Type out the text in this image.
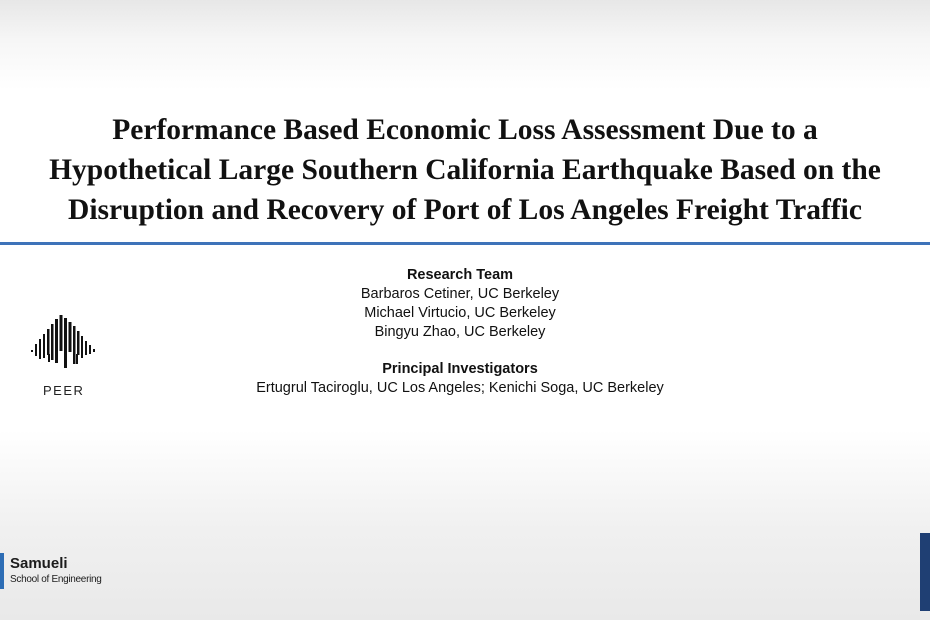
Performance Based Economic Loss Assessment Due to a
Hypothetical Large Southern California Earthquake Based on the
Disruption and Recovery of Port of Los Angeles Freight Traffic
Research Team
Barbaros Cetiner, UC Berkeley
Michael Virtucio, UC Berkeley
Bingyu Zhao, UC Berkeley
Principal Investigators
Ertugrul Taciroglu, UC Los Angeles; Kenichi Soga, UC Berkeley
PEER
Samueli
School of Engineering
